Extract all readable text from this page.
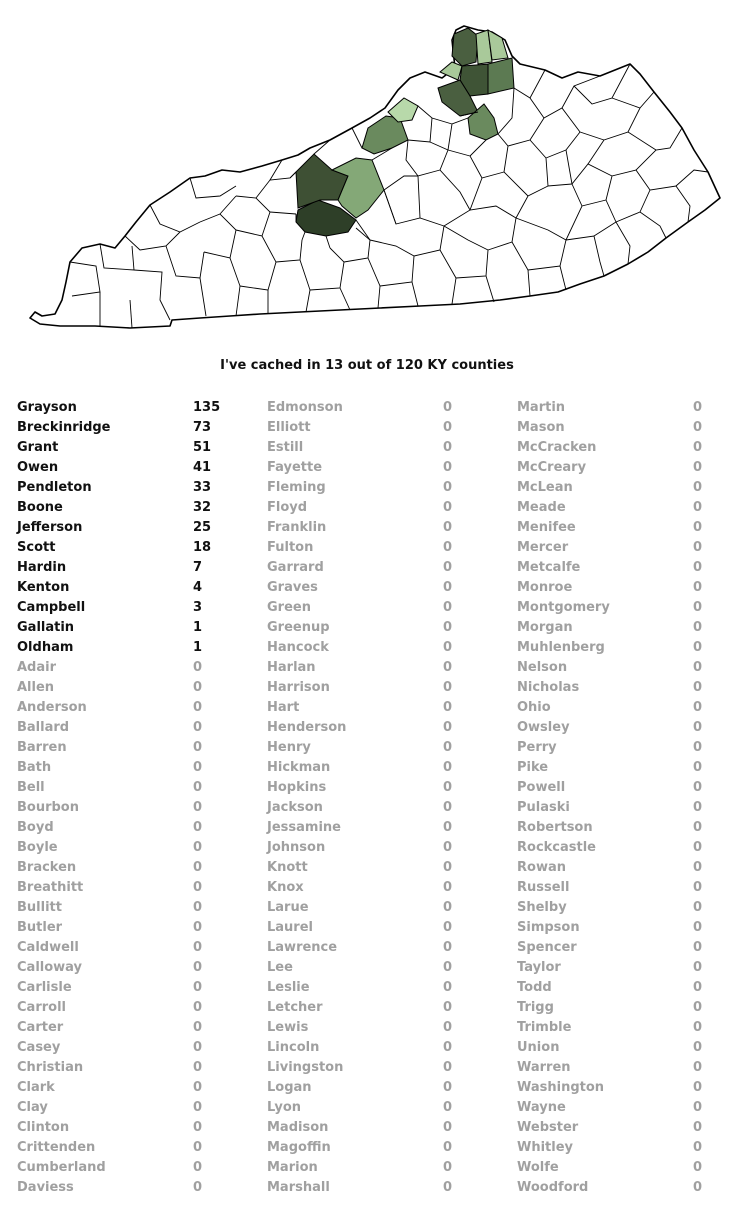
I've cached in 13 out of 120 KY counties
Grayson	135
Breckinridge	73
Grant	51
Owen	41
Pendleton	33
Boone	32
Jefferson	25
Scott	18
Hardin	7
Kenton	4
Campbell	3
Gallatin	1
Oldham	1
Adair	0
Allen	0
Anderson	0
Ballard	0
Barren	0
Bath	0
Bell	0
Bourbon	0
Boyd	0
Boyle	0
Bracken	0
Breathitt	0
Bullitt	0
Butler	0
Caldwell	0
Calloway	0
Carlisle	0
Carroll	0
Carter	0
Casey	0
Christian	0
Clark	0
Clay	0
Clinton	0
Crittenden	0
Cumberland	0
Daviess	0
Edmonson	0
Elliott	0
Estill	0
Fayette	0
Fleming	0
Floyd	0
Franklin	0
Fulton	0
Garrard	0
Graves	0
Green	0
Greenup	0
Hancock	0
Harlan	0
Harrison	0
Hart	0
Henderson	0
Henry	0
Hickman	0
Hopkins	0
Jackson	0
Jessamine	0
Johnson	0
Knott	0
Knox	0
Larue	0
Laurel	0
Lawrence	0
Lee	0
Leslie	0
Letcher	0
Lewis	0
Lincoln	0
Livingston	0
Logan	0
Lyon	0
Madison	0
Magoffin	0
Marion	0
Marshall	0
Martin	0
Mason	0
McCracken	0
McCreary	0
McLean	0
Meade	0
Menifee	0
Mercer	0
Metcalfe	0
Monroe	0
Montgomery	0
Morgan	0
Muhlenberg	0
Nelson	0
Nicholas	0
Ohio	0
Owsley	0
Perry	0
Pike	0
Powell	0
Pulaski	0
Robertson	0
Rockcastle	0
Rowan	0
Russell	0
Shelby	0
Simpson	0
Spencer	0
Taylor	0
Todd	0
Trigg	0
Trimble	0
Union	0
Warren	0
Washington	0
Wayne	0
Webster	0
Whitley	0
Wolfe	0
Woodford	0
